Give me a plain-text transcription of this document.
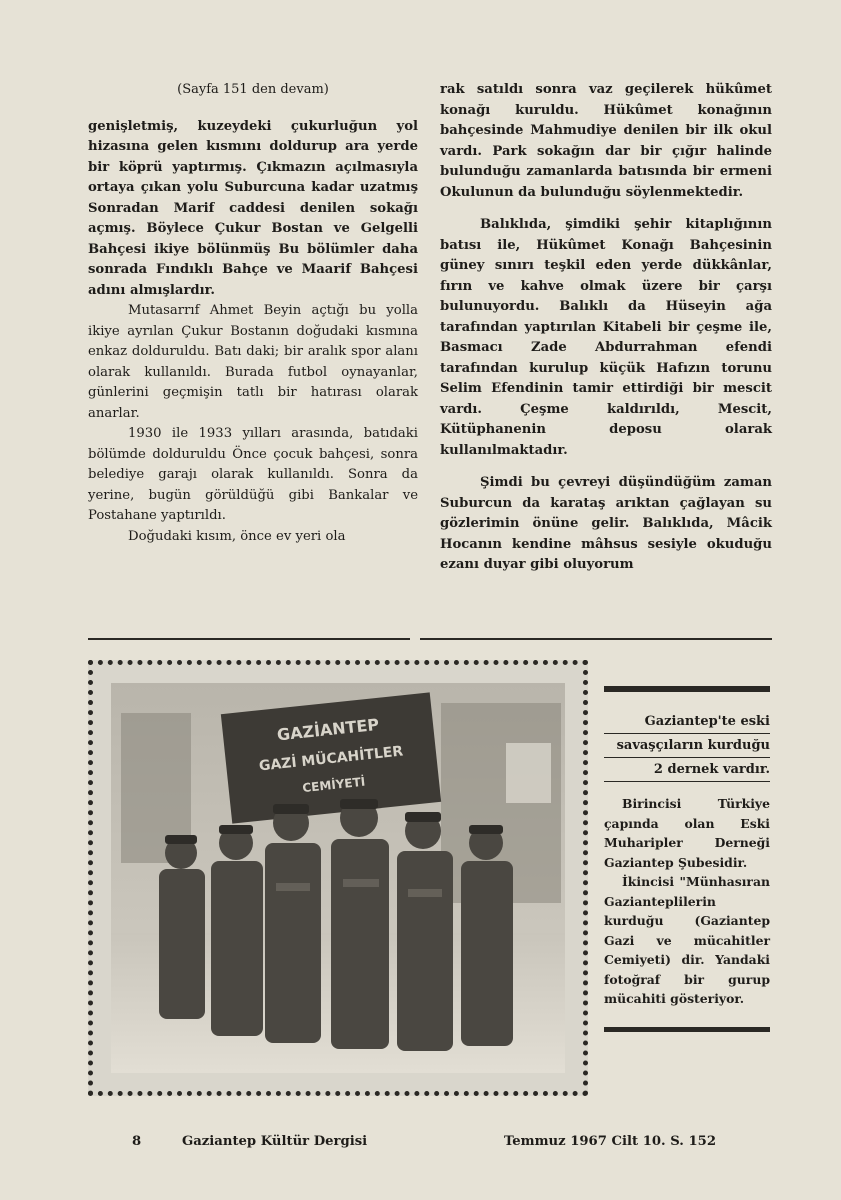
(Sayfa 151 den devam)

genişletmiş, kuzeydeki çukurluğun yol hizasına gelen kısmını doldurup ara yerde bir köprü yaptırmış. Çıkmazın açılmasıyla ortaya çıkan yolu Suburcuna kadar uzatmış Sonradan Marif caddesi denilen sokağı açmış. Böylece Çukur Bostan ve Gelgelli Bahçesi ikiye bölünmüş Bu bölümler daha sonrada Fındıklı Bahçe ve Maarif Bahçesi adını almışlardır.

Mutasarrıf Ahmet Beyin açtığı bu yolla ikiye ayrılan Çukur Bostanın doğudaki kısmına enkaz dolduruldu. Batı daki; bir aralık spor alanı olarak kullanıldı. Burada futbol oynayanlar, günlerini geçmişin tatlı bir hatırası olarak anarlar.

1930 ile 1933 yılları arasında, batıdaki bölümde dolduruldu Önce çocuk bahçesi, sonra belediye garajı olarak kullanıldı. Sonra da yerine, bugün görüldüğü gibi Bankalar ve Postahane yaptırıldı.

Doğudaki kısım, önce ev yeri ola

rak satıldı sonra vaz geçilerek hükûmet konağı kuruldu. Hükûmet konağının bahçesinde Mahmudiye denilen bir ilk okul vardı. Park sokağın dar bir çığır halinde bulunduğu zamanlarda batısında bir ermeni Okulunun da bulunduğu söylenmektedir.

Balıklıda, şimdiki şehir kitaplığının batısı ile, Hükûmet Konağı Bahçesinin güney sınırı teşkil eden yerde dükkânlar, fırın ve kahve olmak üzere bir çarşı bulunuyordu. Balıklı da Hüseyin ağa tarafından yaptırılan Kitabeli bir çeşme ile, Basmacı Zade Abdurrahman efendi tarafından kurulup küçük Hafızın torunu Selim Efendinin tamir ettirdiği bir mescit vardı. Çeşme kaldırıldı, Mescit, Kütüphanenin deposu olarak kullanılmaktadır.

Şimdi bu çevreyi düşündüğüm zaman Suburcun da karataş arıktan çağlayan su gözlerimin önüne gelir. Balıklıda, Mâcik Hocanın kendine mâhsus sesiyle okuduğu ezanı duyar gibi oluyorum

GAZİANTEP
GAZİ MÜCAHİTLER
CEMİYETİ
Gaziantep'te eski
savaşçıların kurduğu
2 dernek vardır.

Birincisi Türkiye çapında olan Eski Muharipler Derneği Gaziantep Şubesidir.

İkincisi "Münhasıran Gazianteplilerin kurduğu (Gaziantep Gazi ve mücahitler Cemiyeti) dir. Yandaki fotoğraf bir gurup mücahiti gösteriyor.

8	Gaziantep Kültür Dergisi	Temmuz 1967 Cilt 10. S. 152
